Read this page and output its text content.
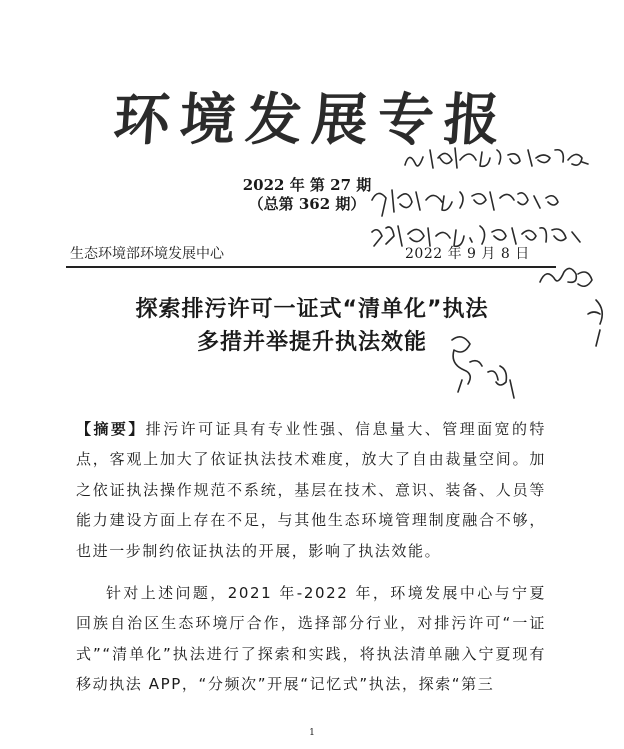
环境发展专报
2022 年 第 27 期
（总第 362 期）
生态环境部环境发展中心	2022 年 9 月 8 日
探索排污许可一证式“清单化”执法
多措并举提升执法效能

【摘要】排污许可证具有专业性强、信息量大、管理面宽的特点，客观上加大了依证执法技术难度，放大了自由裁量空间。加之依证执法操作规范不系统，基层在技术、意识、装备、人员等能力建设方面上存在不足，与其他生态环境管理制度融合不够，也进一步制约依证执法的开展，影响了执法效能。

针对上述问题，2021 年-2022 年，环境发展中心与宁夏回族自治区生态环境厅合作，选择部分行业，对排污许可“一证式”“清单化”执法进行了探索和实践，将执法清单融入宁夏现有移动执法 APP，“分频次”开展“记忆式”执法，探索“第三

1
